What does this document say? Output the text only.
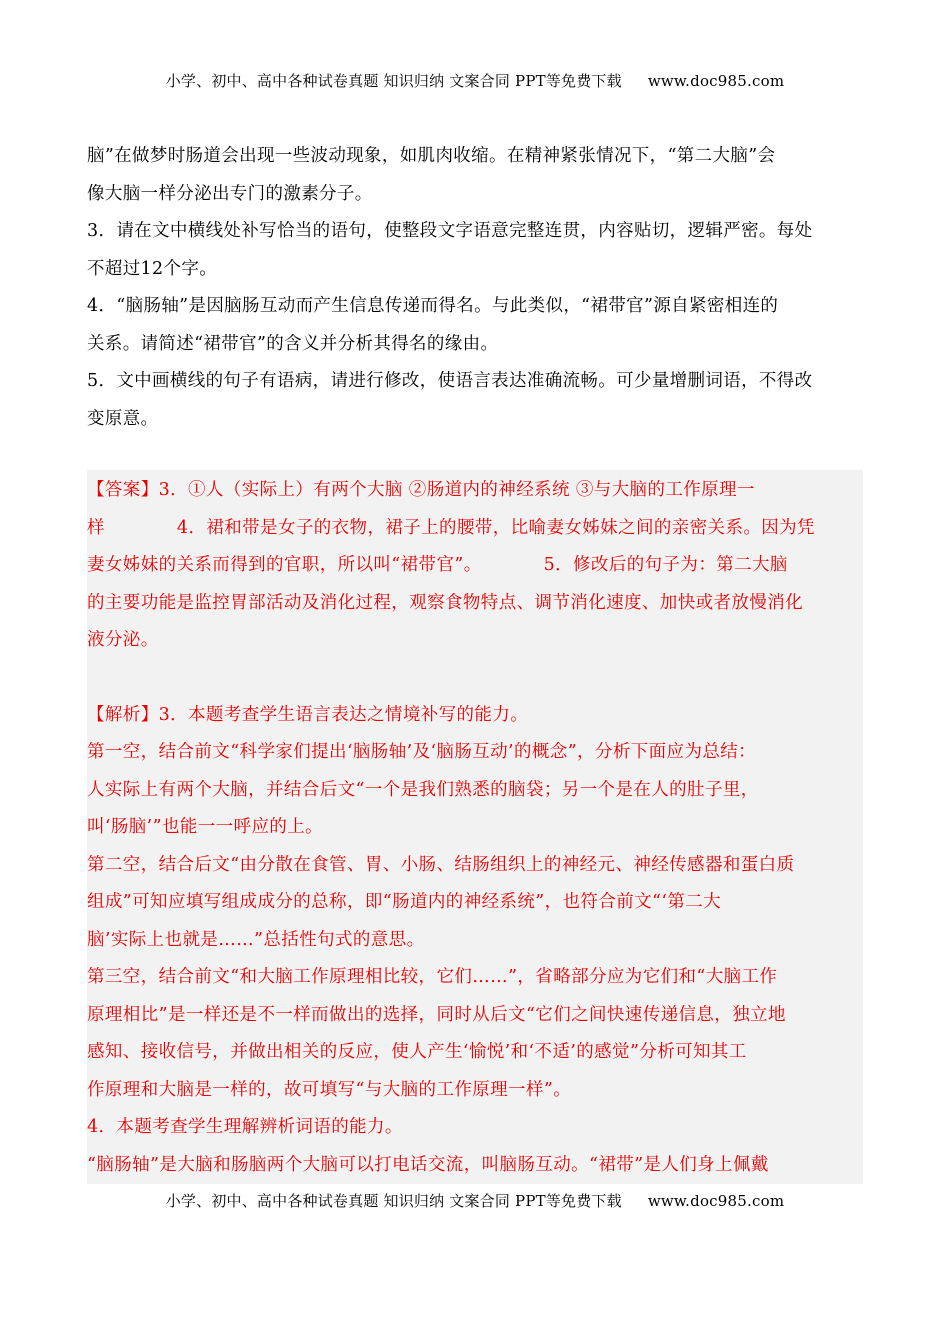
小学、初中、高中各种试卷真题 知识归纳 文案合同 PPT等免费下载 www.doc985.com
脑”在做梦时肠道会出现一些波动现象，如肌肉收缩。在精神紧张情况下，“第二大脑”会
像大脑一样分泌出专门的激素分子。
3．请在文中横线处补写恰当的语句，使整段文字语意完整连贯，内容贴切，逻辑严密。每处
不超过12个字。
4．“脑肠轴”是因脑肠互动而产生信息传递而得名。与此类似，“裙带官”源自紧密相连的
关系。请简述“裙带官”的含义并分析其得名的缘由。
5．文中画横线的句子有语病，请进行修改，使语言表达准确流畅。可少量增删词语，不得改
变原意。
【答案】3．①人（实际上）有两个大脑 ②肠道内的神经系统 ③与大脑的工作原理一
样	4．裙和带是女子的衣物，裙子上的腰带，比喻妻女姊妹之间的亲密关系。因为凭
妻女姊妹的关系而得到的官职，所以叫“裙带官”。	5．修改后的句子为：第二大脑
的主要功能是监控胃部活动及消化过程，观察食物特点、调节消化速度、加快或者放慢消化
液分泌。
【解析】3．本题考查学生语言表达之情境补写的能力。
第一空，结合前文“科学家们提出‘脑肠轴’及‘脑肠互动’的概念”，分析下面应为总结：
人实际上有两个大脑，并结合后文“一个是我们熟悉的脑袋；另一个是在人的肚子里，
叫‘肠脑’”也能一一呼应的上。
第二空，结合后文“由分散在食管、胃、小肠、结肠组织上的神经元、神经传感器和蛋白质
组成”可知应填写组成成分的总称，即“肠道内的神经系统”，也符合前文“‘第二大
脑’实际上也就是……”总括性句式的意思。
第三空，结合前文“和大脑工作原理相比较，它们……”，省略部分应为它们和“大脑工作
原理相比”是一样还是不一样而做出的选择，同时从后文“它们之间快速传递信息，独立地
感知、接收信号，并做出相关的反应，使人产生‘愉悦’和‘不适’的感觉”分析可知其工
作原理和大脑是一样的，故可填写“与大脑的工作原理一样”。
4．本题考查学生理解辨析词语的能力。
“脑肠轴”是大脑和肠脑两个大脑可以打电话交流，叫脑肠互动。“裙带”是人们身上佩戴
小学、初中、高中各种试卷真题 知识归纳 文案合同 PPT等免费下载 www.doc985.com
